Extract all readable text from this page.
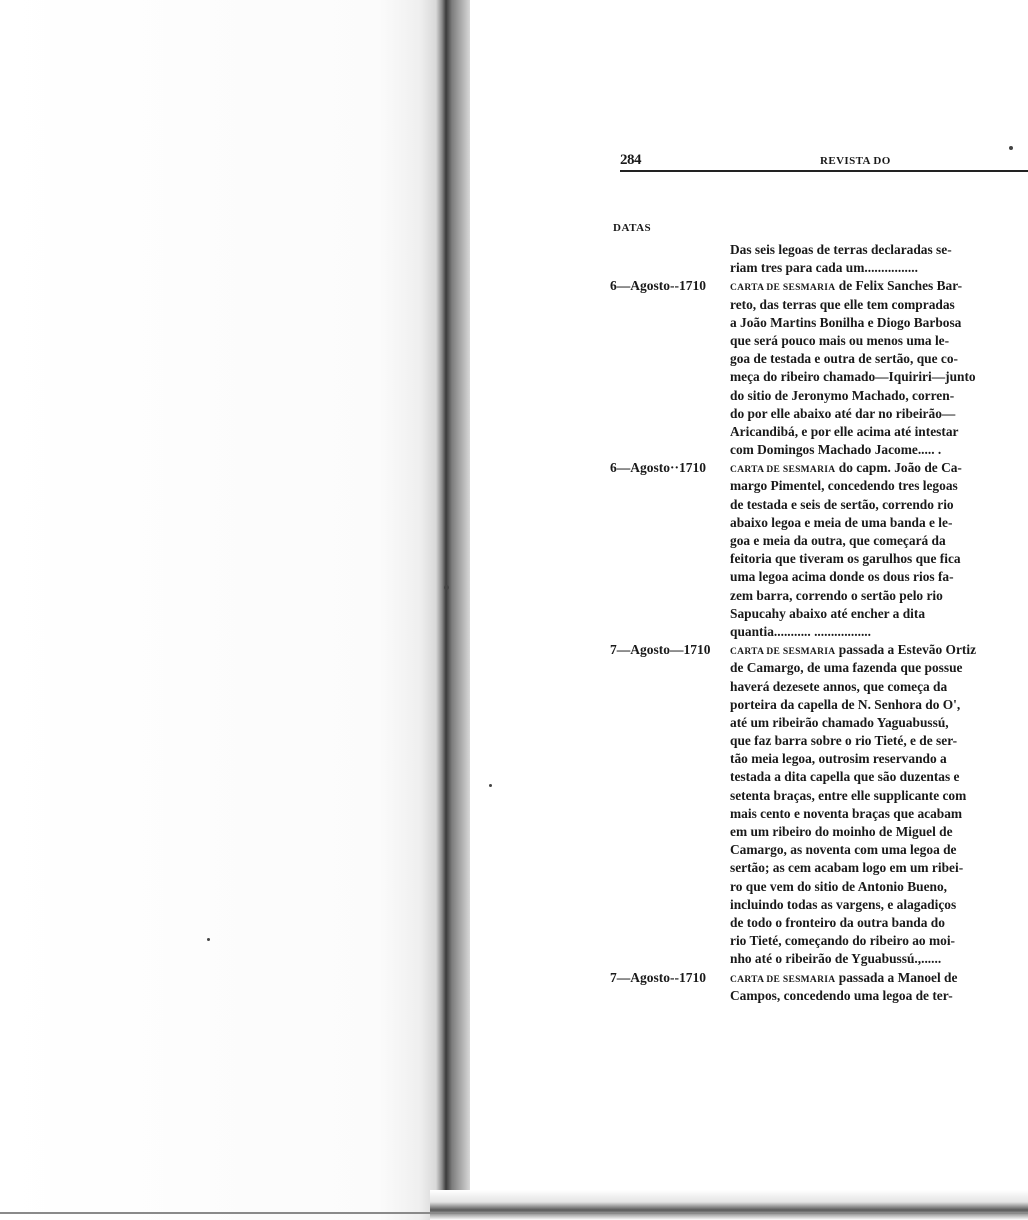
284	REVISTA DO
DATAS
Das seis legoas de terras declaradas se-
riam tres para cada um................
6—Agosto--1710	CARTA DE SESMARIA de Felix Sanches Bar-
reto, das terras que elle tem compradas
a João Martins Bonilha e Diogo Barbosa
que será pouco mais ou menos uma le-
goa de testada e outra de sertão, que co-
meça do ribeiro chamado—Iquiriri—junto
do sitio de Jeronymo Machado, corren-
do por elle abaixo até dar no ribeirão—
Aricandibá, e por elle acima até intestar
com Domingos Machado Jacome..... .
6—Agosto··1710	CARTA DE SESMARIA do capm. João de Ca-
margo Pimentel, concedendo tres legoas
de testada e seis de sertão, correndo rio
abaixo legoa e meia de uma banda e le-
goa e meia da outra, que começará da
feitoria que tiveram os garulhos que fica
uma legoa acima donde os dous rios fa-
zem barra, correndo o sertão pelo rio
Sapucahy abaixo até encher a dita
quantia........... .................
7—Agosto—1710	CARTA DE SESMARIA passada a Estevão Ortiz
de Camargo, de uma fazenda que possue
haverá dezesete annos, que começa da
porteira da capella de N. Senhora do O',
até um ribeirão chamado Yaguabussú,
que faz barra sobre o rio Tieté, e de ser-
tão meia legoa, outrosim reservando a
testada a dita capella que são duzentas e
setenta braças, entre elle supplicante com
mais cento e noventa braças que acabam
em um ribeiro do moinho de Miguel de
Camargo, as noventa com uma legoa de
sertão; as cem acabam logo em um ribei-
ro que vem do sitio de Antonio Bueno,
incluindo todas as vargens, e alagadiços
de todo o fronteiro da outra banda do
rio Tieté, começando do ribeiro ao moi-
nho até o ribeirão de Yguabussú.,......
7—Agosto--1710	CARTA DE SESMARIA passada a Manoel de
Campos, concedendo uma legoa de ter-
